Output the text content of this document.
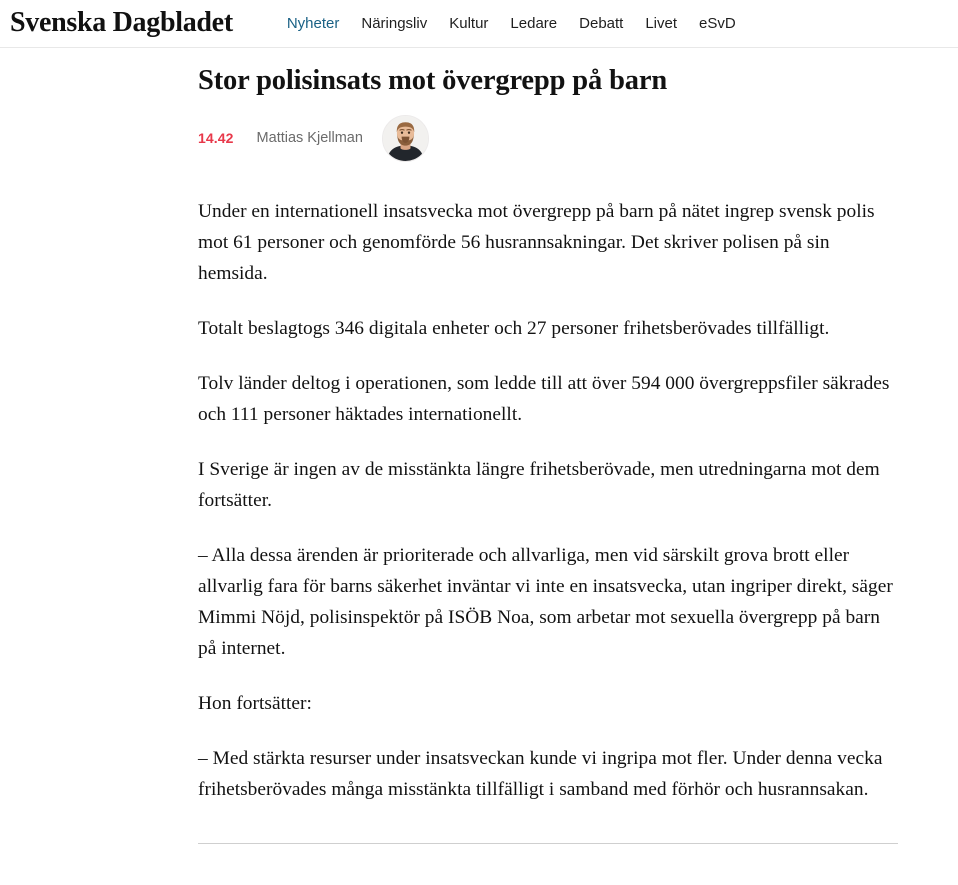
Svenska Dagbladet	Nyheter Näringsliv Kultur Ledare Debatt Livet eSvD
Stor polisinsats mot övergrepp på barn
14.42 Mattias Kjellman

Under en internationell insatsvecka mot övergrepp på barn på nätet ingrep svensk polis mot 61 personer och genomförde 56 husrannsakningar. Det skriver polisen på sin hemsida.

Totalt beslagtogs 346 digitala enheter och 27 personer frihetsberövades tillfälligt.

Tolv länder deltog i operationen, som ledde till att över 594 000 övergreppsfiler säkrades och 111 personer häktades internationellt.

I Sverige är ingen av de misstänkta längre frihetsberövade, men utredningarna mot dem fortsätter.

– Alla dessa ärenden är prioriterade och allvarliga, men vid särskilt grova brott eller allvarlig fara för barns säkerhet inväntar vi inte en insatsvecka, utan ingriper direkt, säger Mimmi Nöjd, polisinspektör på ISÖB Noa, som arbetar mot sexuella övergrepp på barn på internet.

Hon fortsätter:

– Med stärkta resurser under insatsveckan kunde vi ingripa mot fler. Under denna vecka frihetsberövades många misstänkta tillfälligt i samband med förhör och husrannsakan.
